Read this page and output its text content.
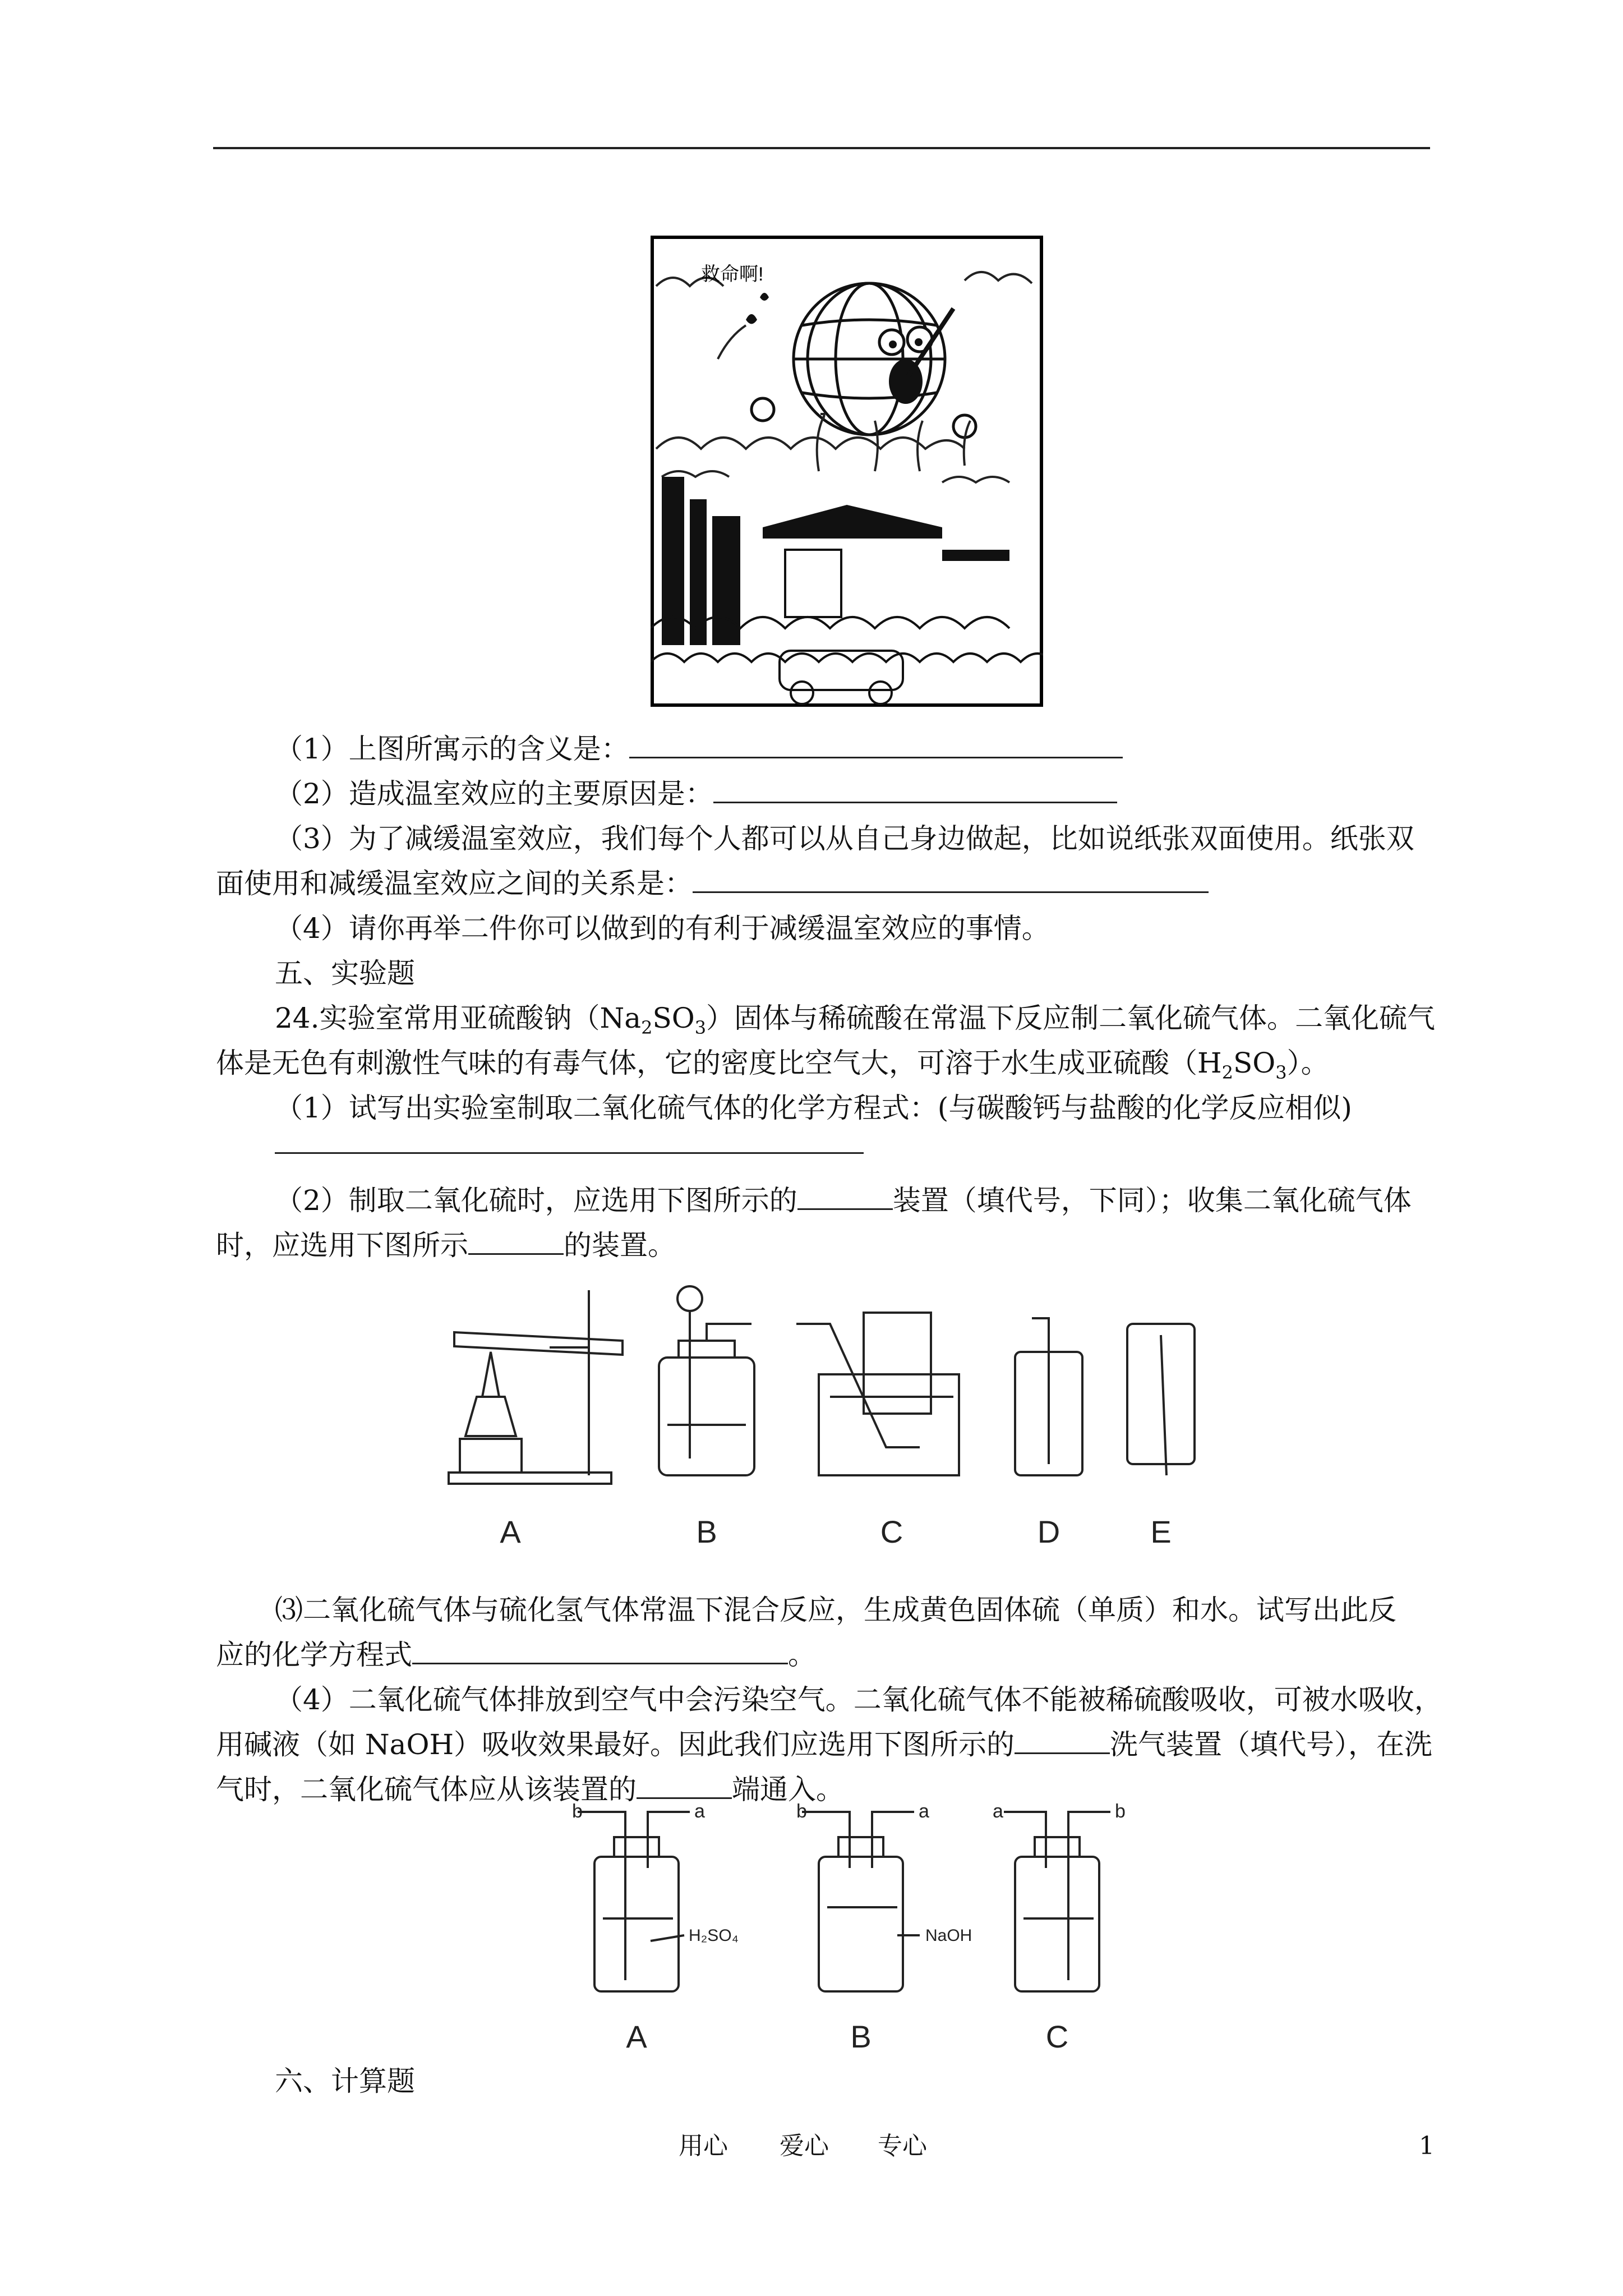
救命啊!
（1）上图所寓示的含义是：
（2）造成温室效应的主要原因是：
（3）为了减缓温室效应，我们每个人都可以从自己身边做起，比如说纸张双面使用。纸张双
面使用和减缓温室效应之间的关系是：
（4）请你再举二件你可以做到的有利于减缓温室效应的事情。
五、实验题
24.实验室常用亚硫酸钠$(Na_2SO_3)$固体与稀硫酸在常温下反应制二氧化硫气体。二氧化硫气
体是无色有刺激性气味的有毒气体，它的密度比空气大，可溶于水生成亚硫酸$(H_2SO_3)$。
（1）试写出实验室制取二氧化硫气体的化学方程式：(与碳酸钙与盐酸的化学反应相似)
（2）制取二氧化硫时，应选用下图所示的	装置（填代号，下同）；收集二氧化硫气体
时，应选用下图所示	的装置。
A	B	C	D	E
⑶二氧化硫气体与硫化氢气体常温下混合反应，生成黄色固体硫（单质）和水。试写出此反
应的化学方程式	。
（4）二氧化硫气体排放到空气中会污染空气。二氧化硫气体不能被稀硫酸吸收，可被水吸收，
用碱液（如 NaOH）吸收效果最好。因此我们应选用下图所示的	洗气装置（填代号），在洗
气时，二氧化硫气体应从该装置的	端通入。
b	a
H₂SO₄
b	a
NaOH
a	b
A	B	C
六、计算题
用心 爱心 专心	1
